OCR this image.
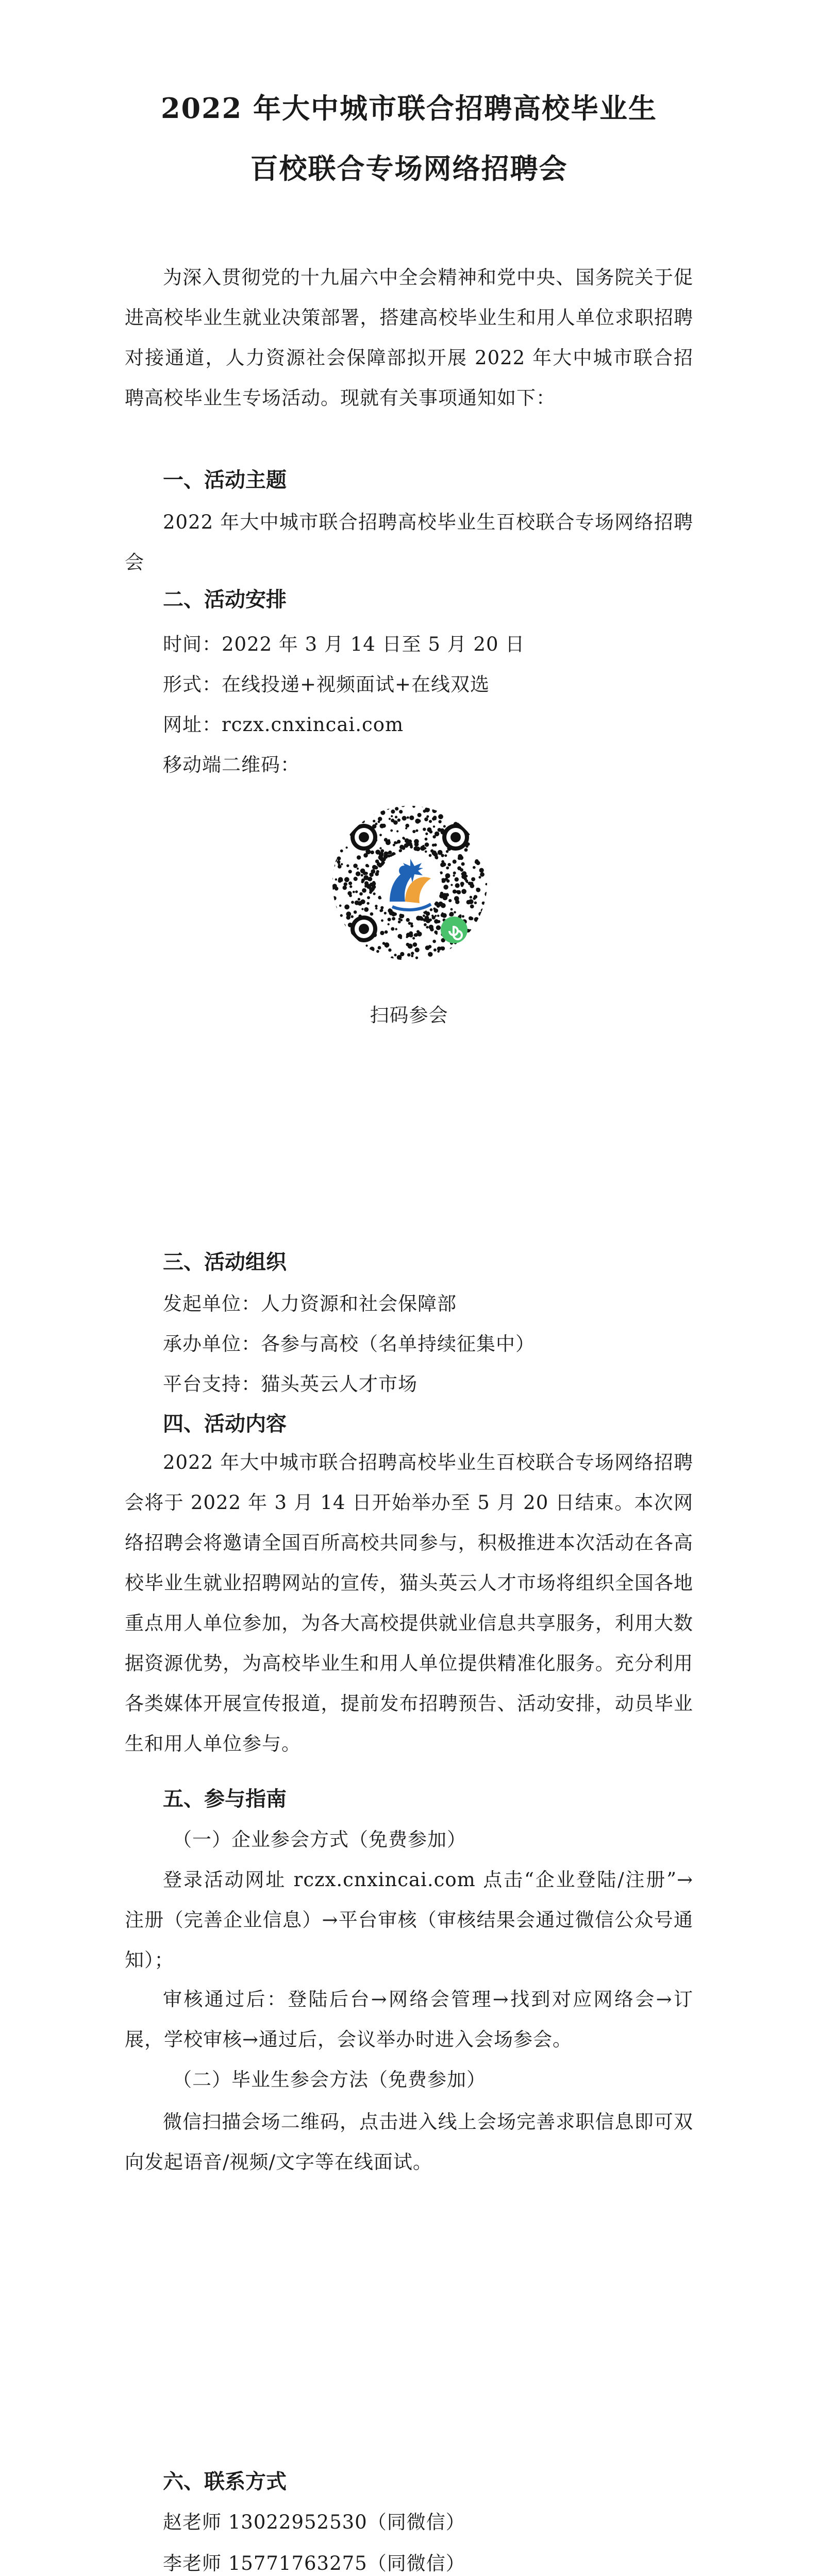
2022 年大中城市联合招聘高校毕业生
百校联合专场网络招聘会
为深入贯彻党的十九届六中全会精神和党中央、国务院关于促进高校毕业生就业决策部署，搭建高校毕业生和用人单位求职招聘对接通道，人力资源社会保障部拟开展 2022 年大中城市联合招聘高校毕业生专场活动。现就有关事项通知如下：
一、活动主题
2022 年大中城市联合招聘高校毕业生百校联合专场网络招聘会
二、活动安排
时间：2022 年 3 月 14 日至 5 月 20 日
形式：在线投递+视频面试+在线双选
网址：rczx.cnxincai.com
移动端二维码：
扫码参会
三、活动组织
发起单位：人力资源和社会保障部
承办单位：各参与高校（名单持续征集中）
平台支持：猫头英云人才市场
四、活动内容
2022 年大中城市联合招聘高校毕业生百校联合专场网络招聘会将于 2022 年 3 月 14 日开始举办至 5 月 20 日结束。本次网络招聘会将邀请全国百所高校共同参与，积极推进本次活动在各高校毕业生就业招聘网站的宣传，猫头英云人才市场将组织全国各地重点用人单位参加，为各大高校提供就业信息共享服务，利用大数据资源优势，为高校毕业生和用人单位提供精准化服务。充分利用各类媒体开展宣传报道，提前发布招聘预告、活动安排，动员毕业生和用人单位参与。
五、参与指南
（一）企业参会方式（免费参加）
登录活动网址 rczx.cnxincai.com 点击“企业登陆/注册”→注册（完善企业信息）→平台审核（审核结果会通过微信公众号通知）；
审核通过后：登陆后台→网络会管理→找到对应网络会→订展，学校审核→通过后，会议举办时进入会场参会。
（二）毕业生参会方法（免费参加）
微信扫描会场二维码，点击进入线上会场完善求职信息即可双向发起语音/视频/文字等在线面试。
六、联系方式
赵老师 13022952530（同微信）
李老师 15771763275（同微信）
